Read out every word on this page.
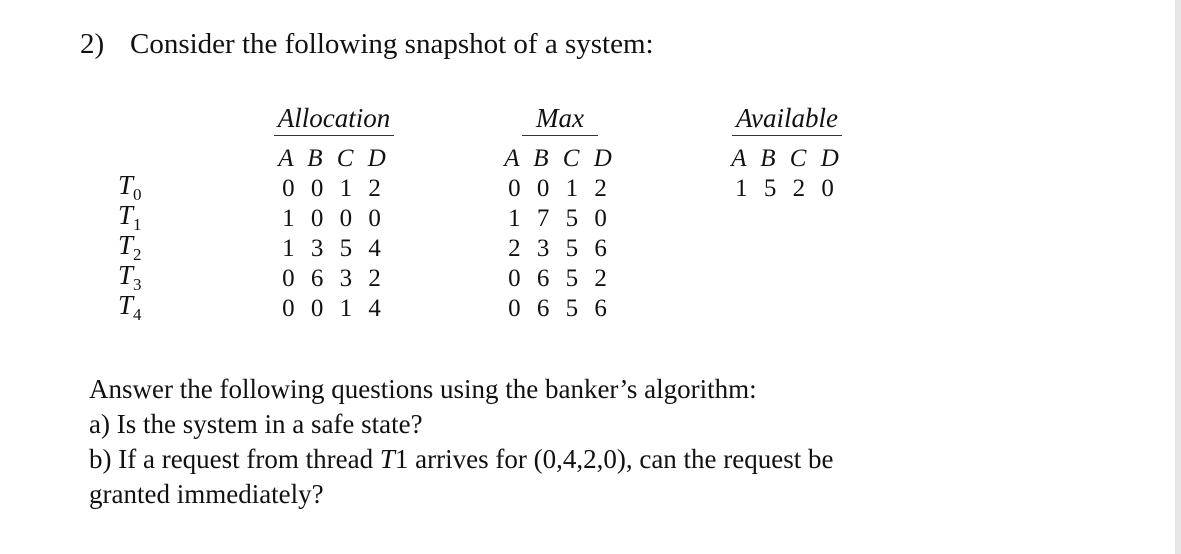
2) Consider the following snapshot of a system:
$T_0$
$T_1$
$T_2$
$T_3$
$T_4$
Allocation
A B C D
0 0 1 2
1 0 0 0
1 3 5 4
0 6 3 2
0 0 1 4
Max
A B C D
0 0 1 2
1 7 5 0
2 3 5 6
0 6 5 2
0 6 5 6
Available
A B C D
1 5 2 0
Answer the following questions using the banker’s algorithm:
a) Is the system in a safe state?
b) If a request from thread T1 arrives for (0,4,2,0), can the request be
granted immediately?
